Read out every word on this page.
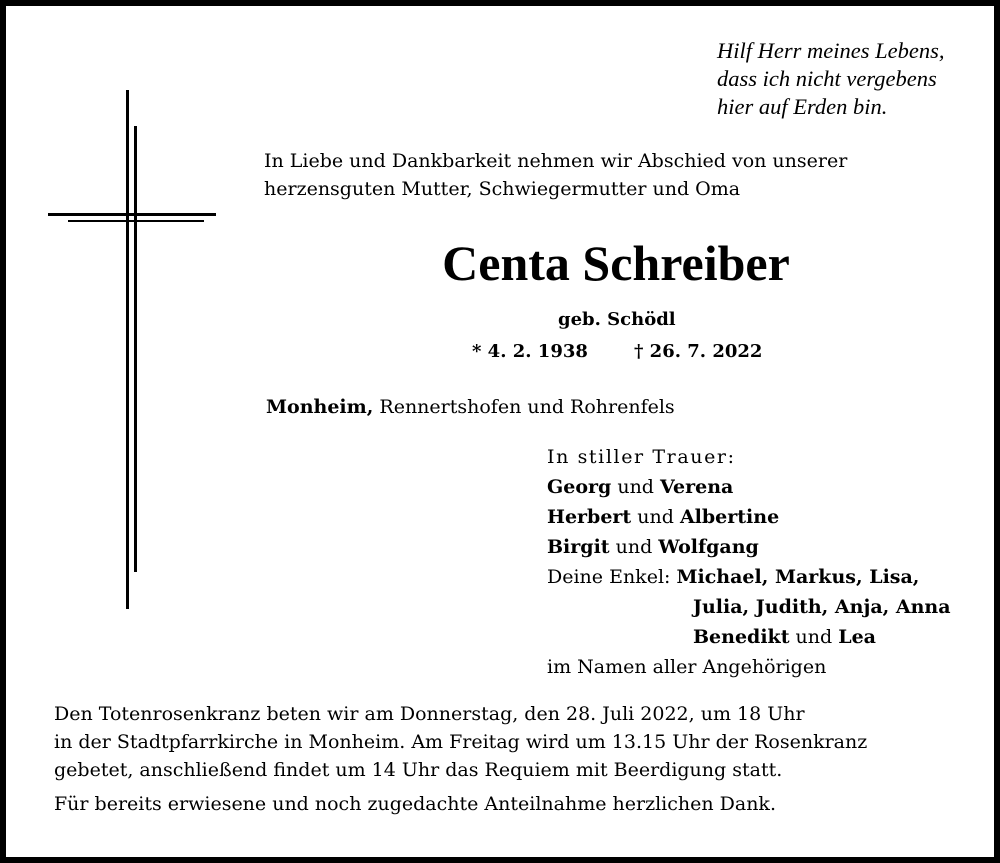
Hilf Herr meines Lebens,
dass ich nicht vergebens
hier auf Erden bin.
In Liebe und Dankbarkeit nehmen wir Abschied von unserer
herzensguten Mutter, Schwiegermutter und Oma
Centa Schreiber
geb. Schödl
* 4. 2. 1938	† 26. 7. 2022
Monheim, Rennertshofen und Rohrenfels
In stiller Trauer:
Georg und Verena
Herbert und Albertine
Birgit und Wolfgang
Deine Enkel: Michael, Markus, Lisa,
Julia, Judith, Anja, Anna
Benedikt und Lea
im Namen aller Angehörigen
Den Totenrosenkranz beten wir am Donnerstag, den 28. Juli 2022, um 18 Uhr
in der Stadtpfarrkirche in Monheim. Am Freitag wird um 13.15 Uhr der Rosenkranz
gebetet, anschließend findet um 14 Uhr das Requiem mit Beerdigung statt.
Für bereits erwiesene und noch zugedachte Anteilnahme herzlichen Dank.
